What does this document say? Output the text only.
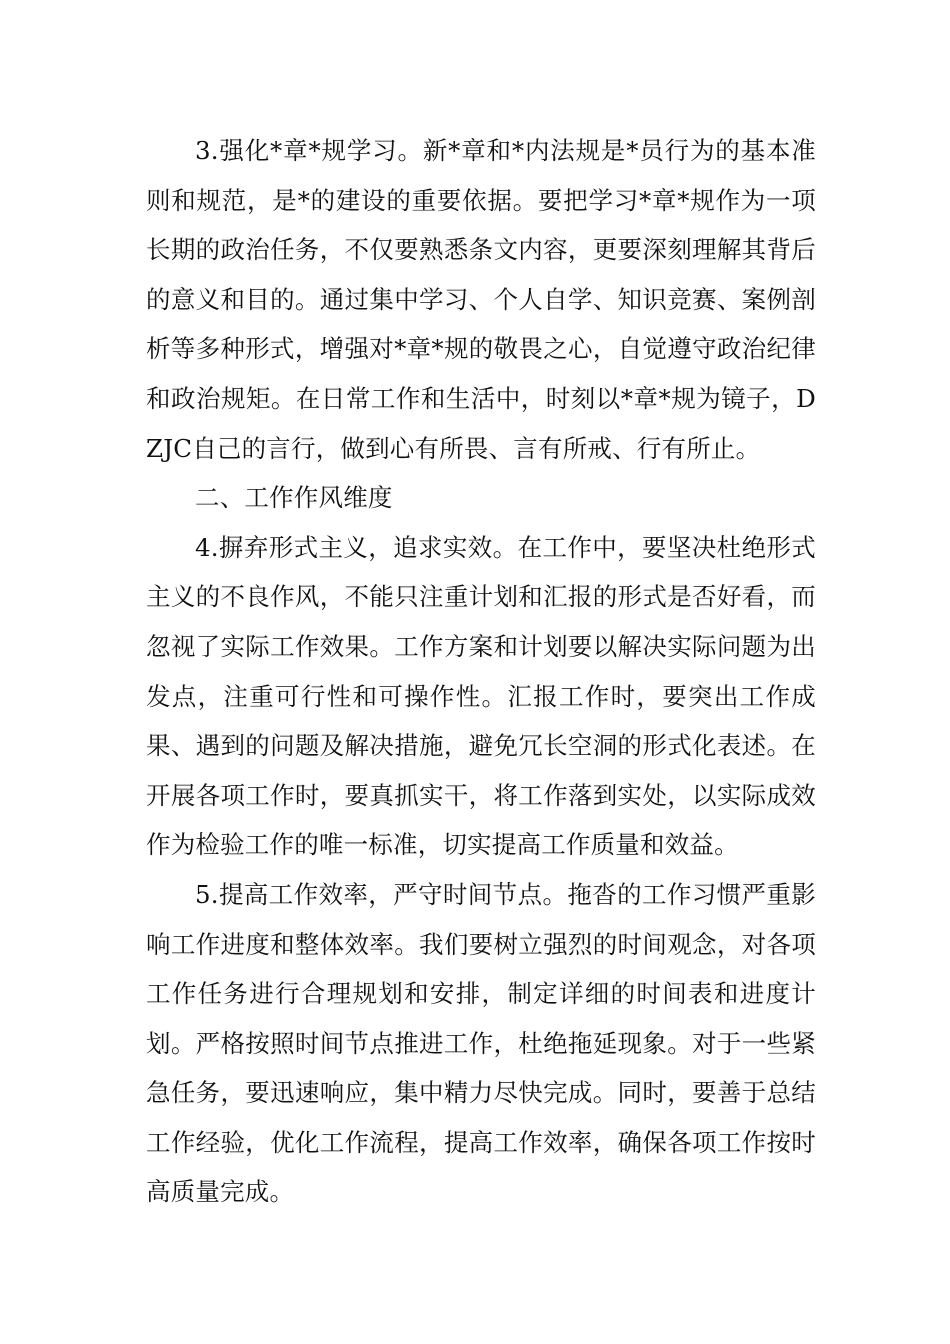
3.强化*章*规学习。新*章和*内法规是*员行为的基本准则和规范，是*的建设的重要依据。要把学习*章*规作为一项长期的政治任务，不仅要熟悉条文内容，更要深刻理解其背后的意义和目的。通过集中学习、个人自学、知识竞赛、案例剖析等多种形式，增强对*章*规的敬畏之心，自觉遵守政治纪律和政治规矩。在日常工作和生活中，时刻以*章*规为镜子，DZJC自己的言行，做到心有所畏、言有所戒、行有所止。

二、工作作风维度

4.摒弃形式主义，追求实效。在工作中，要坚决杜绝形式主义的不良作风，不能只注重计划和汇报的形式是否好看，而忽视了实际工作效果。工作方案和计划要以解决实际问题为出发点，注重可行性和可操作性。汇报工作时，要突出工作成果、遇到的问题及解决措施，避免冗长空洞的形式化表述。在开展各项工作时，要真抓实干，将工作落到实处，以实际成效作为检验工作的唯一标准，切实提高工作质量和效益。

5.提高工作效率，严守时间节点。拖沓的工作习惯严重影响工作进度和整体效率。我们要树立强烈的时间观念，对各项工作任务进行合理规划和安排，制定详细的时间表和进度计划。严格按照时间节点推进工作，杜绝拖延现象。对于一些紧急任务，要迅速响应，集中精力尽快完成。同时，要善于总结工作经验，优化工作流程，提高工作效率，确保各项工作按时高质量完成。
